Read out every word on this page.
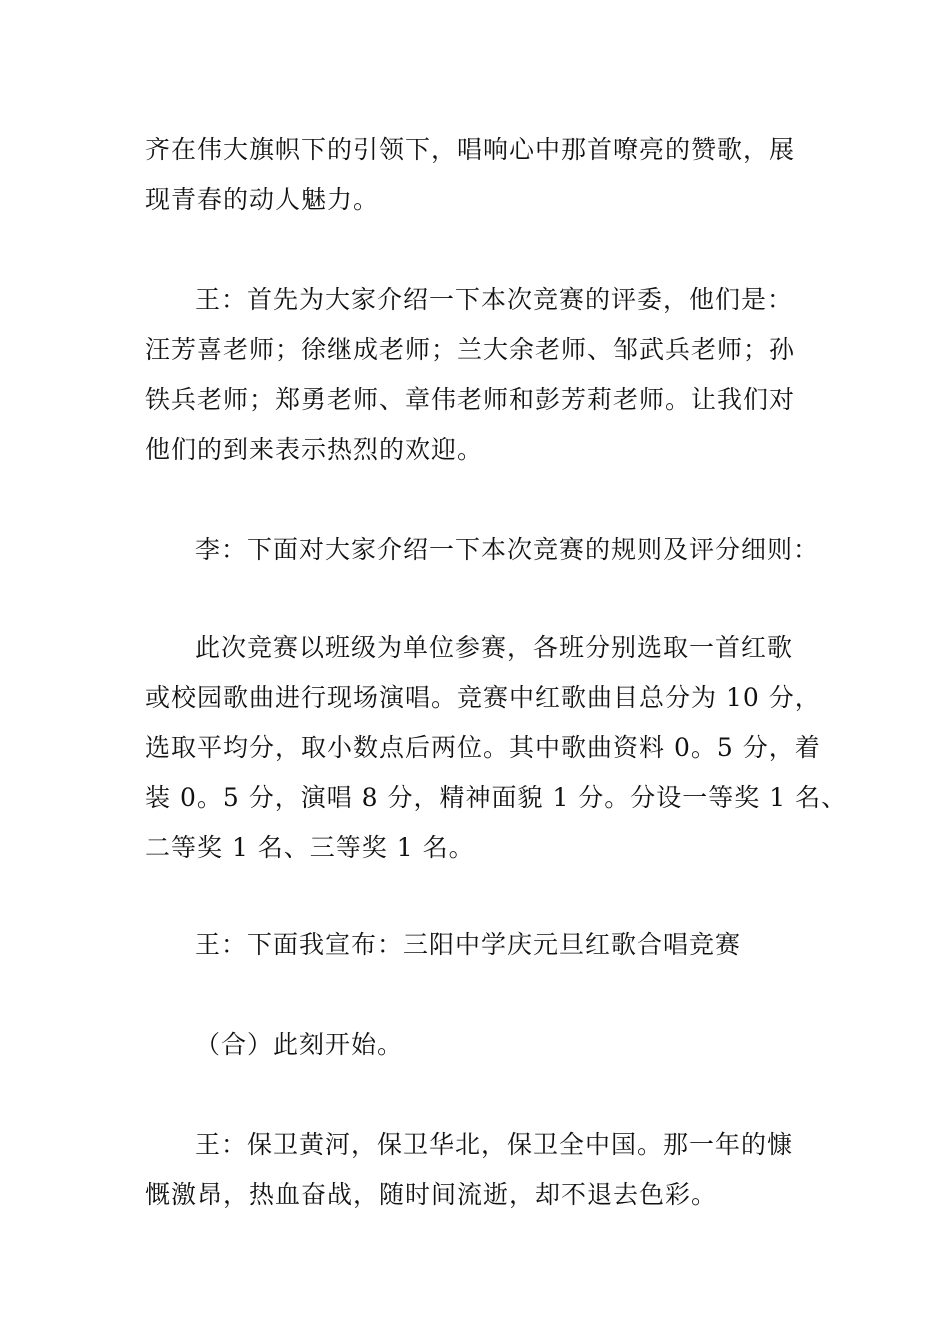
齐在伟大旗帜下的引领下，唱响心中那首嘹亮的赞歌，展
现青春的动人魅力。
王：首先为大家介绍一下本次竞赛的评委，他们是：
汪芳喜老师；徐继成老师；兰大余老师、邹武兵老师；孙
铁兵老师；郑勇老师、章伟老师和彭芳莉老师。让我们对
他们的到来表示热烈的欢迎。
李：下面对大家介绍一下本次竞赛的规则及评分细则：
此次竞赛以班级为单位参赛，各班分别选取一首红歌
或校园歌曲进行现场演唱。竞赛中红歌曲目总分为 10 分，
选取平均分，取小数点后两位。其中歌曲资料 0。5 分，着
装 0。5 分，演唱 8 分，精神面貌 1 分。分设一等奖 1 名、
二等奖 1 名、三等奖 1 名。
王：下面我宣布：三阳中学庆元旦红歌合唱竞赛
（合）此刻开始。
王：保卫黄河，保卫华北，保卫全中国。那一年的慷
慨激昂，热血奋战，随时间流逝，却不退去色彩。
